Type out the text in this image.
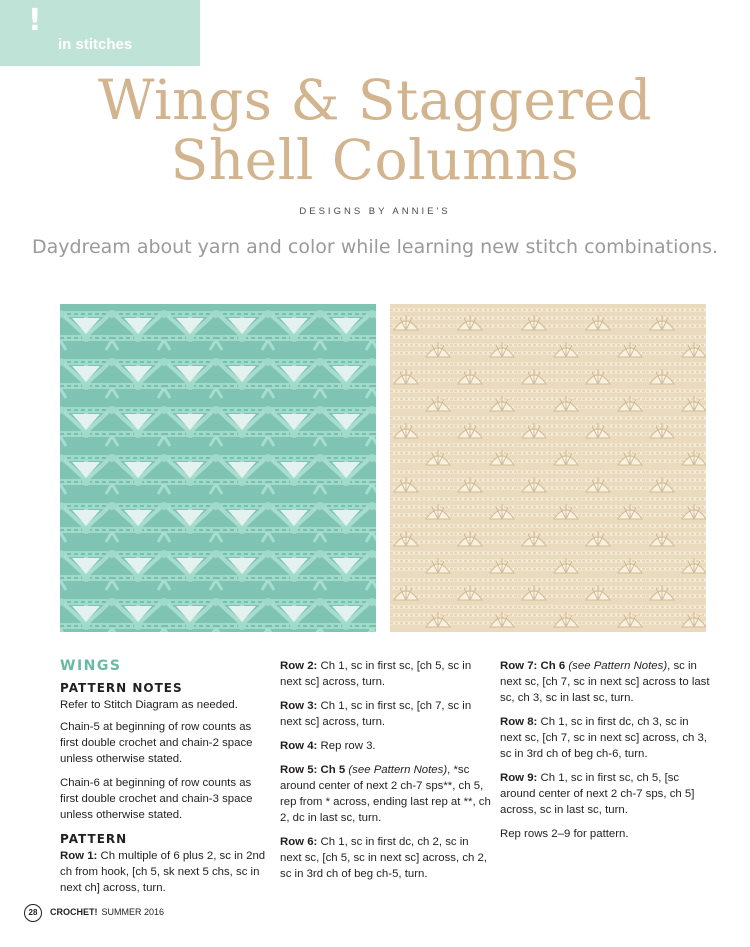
!
in stitches
Wings & Staggered
Shell Columns
DESIGNS BY ANNIE'S
Daydream about yarn and color while learning new stitch combinations.
WINGS
PATTERN NOTES

Refer to Stitch Diagram as needed.

Chain-5 at beginning of row counts as first double crochet and chain-2 space unless otherwise stated.

Chain-6 at beginning of row counts as first double crochet and chain-3 space unless otherwise stated.

PATTERN

Row 1: Ch multiple of 6 plus 2, sc in 2nd ch from hook, [ch 5, sk next 5 chs, sc in next ch] across, turn.

Row 2: Ch 1, sc in first sc, [ch 5, sc in next sc] across, turn.

Row 3: Ch 1, sc in first sc, [ch 7, sc in next sc] across, turn.

Row 4: Rep row 3.

Row 5: Ch 5 (see Pattern Notes), *sc around center of next 2 ch-7 sps**, ch 5, rep from * across, ending last rep at **, ch 2, dc in last sc, turn.

Row 6: Ch 1, sc in first dc, ch 2, sc in next sc, [ch 5, sc in next sc] across, ch 2, sc in 3rd ch of beg ch-5, turn.

Row 7: Ch 6 (see Pattern Notes), sc in next sc, [ch 7, sc in next sc] across to last sc, ch 3, sc in last sc, turn.

Row 8: Ch 1, sc in first dc, ch 3, sc in next sc, [ch 7, sc in next sc] across, ch 3, sc in 3rd ch of beg ch-6, turn.

Row 9: Ch 1, sc in first sc, ch 5, [sc around center of next 2 ch-7 sps, ch 5] across, sc in last sc, turn.

Rep rows 2–9 for pattern.

28	CROCHET! SUMMER 2016
